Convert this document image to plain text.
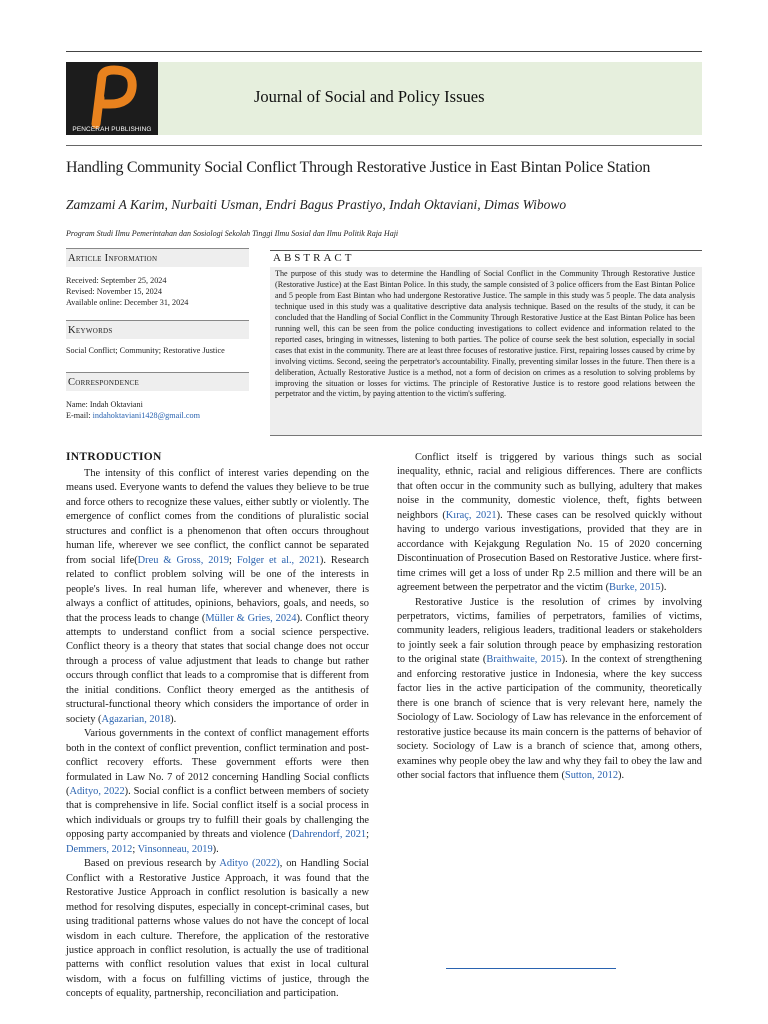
PENCERAH PUBLISHING
Journal of Social and Policy Issues
Handling Community Social Conflict Through Restorative Justice in East Bintan Police Station
Zamzami A Karim, Nurbaiti Usman, Endri Bagus Prastiyo, Indah Oktaviani, Dimas Wibowo
Program Studi Ilmu Pemerintahan dan Sosiologi Sekolah Tinggi Ilmu Sosial dan Ilmu Politik Raja Haji
Article Information
Received: September 25, 2024
Revised: November 15, 2024
Available online: December 31, 2024
Keywords
Social Conflict; Community; Restorative Justice
Correspondence
Name: Indah Oktaviani
E-mail: indahoktaviani1428@gmail.com
ABSTRACT
The purpose of this study was to determine the Handling of Social Conflict in the Community Through Restorative Justice (Restorative Justice) at the East Bintan Police. In this study, the sample consisted of 3 police officers from the East Bintan Police and 5 people from East Bintan who had undergone Restorative Justice. The sample in this study was 5 people. The data analysis technique used in this study was a qualitative descriptive data analysis technique. Based on the results of the study, it can be concluded that the Handling of Social Conflict in the Community Through Restorative Justice at the East Bintan Police has been running well, this can be seen from the police conducting investigations to collect evidence and information related to the reported cases, bringing in witnesses, listening to both parties. The police of course seek the best solution, especially in social cases that exist in the community. There are at least three focuses of restorative justice. First, repairing losses caused by crime by involving victims. Second, seeing the perpetrator's accountability. Finally, preventing similar losses in the future. Then there is a deliberation, Actually Restorative Justice is a method, not a form of decision on crimes as a resolution to solving problems by improving the situation or losses for victims. The principle of Restorative Justice is to restore good relations between the perpetrator and the victim, by paying attention to the victim's suffering.
INTRODUCTION

The intensity of this conflict of interest varies depending on the means used. Everyone wants to defend the values they believe to be true and force others to recognize these values, either subtly or violently. The emergence of conflict comes from the conditions of pluralistic social structures and conflict is a phenomenon that often occurs throughout human life, wherever we see conflict, the conflict cannot be separated from social life(Dreu & Gross, 2019; Folger et al., 2021). Research related to conflict problem solving will be one of the interests in people's lives. In real human life, wherever and whenever, there is always a conflict of attitudes, opinions, behaviors, goals, and needs, so that the process leads to change (Müller & Gries, 2024). Conflict theory attempts to understand conflict from a social science perspective. Conflict theory is a theory that states that social change does not occur through a process of value adjustment that leads to change but rather occurs through conflict that leads to a compromise that is different from the initial conditions. Conflict theory emerged as the antithesis of structural-functional theory which considers the importance of order in society (Agazarian, 2018).

Various governments in the context of conflict management efforts both in the context of conflict prevention, conflict termination and post-conflict recovery efforts. These government efforts were then formulated in Law No. 7 of 2012 concerning Handling Social conflicts (Adityo, 2022). Social conflict is a conflict between members of society that is comprehensive in life. Social conflict itself is a social process in which individuals or groups try to fulfill their goals by challenging the opposing party accompanied by threats and violence (Dahrendorf, 2021; Demmers, 2012; Vinsonneau, 2019).

Based on previous research by Adityo (2022), on Handling Social Conflict with a Restorative Justice Approach, it was found that the Restorative Justice Approach in conflict resolution is basically a new method for resolving disputes, especially in concept-criminal cases, but using traditional patterns whose values do not have the concept of local wisdom in each culture. Therefore, the application of the restorative justice approach in conflict resolution, is actually the use of traditional patterns with conflict resolution values that exist in local cultural wisdom, with a focus on fulfilling victims of justice, through the concepts of equality, partnership, reconciliation and participation.

Conflict itself is triggered by various things such as social inequality, ethnic, racial and religious differences. There are conflicts that often occur in the community such as bullying, adultery that makes noise in the community, domestic violence, theft, fights between neighbors (Kıraç, 2021). These cases can be resolved quickly without having to undergo various investigations, provided that they are in accordance with Kejakgung Regulation No. 15 of 2020 concerning Discontinuation of Prosecution Based on Restorative Justice. where first-time crimes will get a loss of under Rp 2.5 million and there will be an agreement between the perpetrator and the victim (Burke, 2015).

Restorative Justice is the resolution of crimes by involving perpetrators, victims, families of perpetrators, families of victims, community leaders, religious leaders, traditional leaders or stakeholders to jointly seek a fair solution through peace by emphasizing restoration to the original state (Braithwaite, 2015). In the context of strengthening and enforcing restorative justice in Indonesia, where the key success factor lies in the active participation of the community, theoretically there is one branch of science that is very relevant here, namely the Sociology of Law. Sociology of Law has relevance in the enforcement of restorative justice because its main concern is the patterns of behavior of society. Sociology of Law is a branch of science that, among others, examines why people obey the law and why they fail to obey the law and other social factors that influence them (Sutton, 2012).
